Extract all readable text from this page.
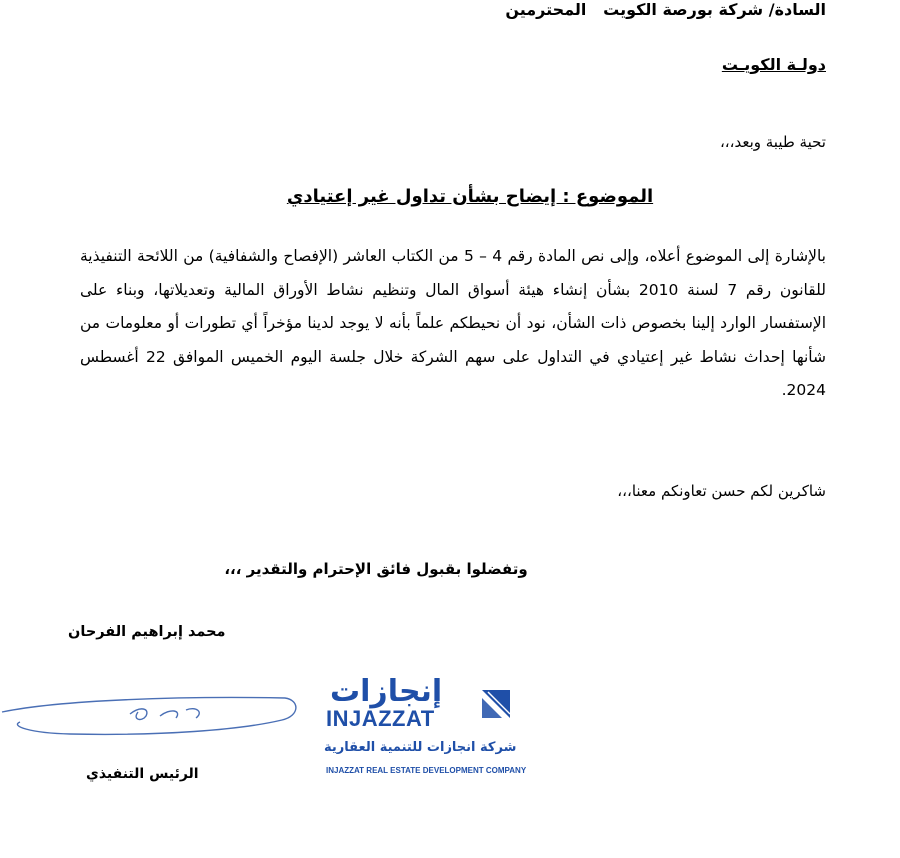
السادة/ شركة بورصة الكويت   المحترمين
دولـة الكويـت
تحية طيبة وبعد،،،
الموضوع : إيضاح بشأن تداول غير إعتيادي
بالإشارة إلى الموضوع أعلاه، وإلى نص المادة رقم 4 – 5 من الكتاب العاشر (الإفصاح والشفافية) من اللائحة التنفيذية للقانون رقم 7 لسنة 2010 بشأن إنشاء هيئة أسواق المال وتنظيم نشاط الأوراق المالية وتعديلاتها، وبناء على الإستفسار الوارد إلينا بخصوص ذات الشأن، نود أن نحيطكم علماً بأنه لا يوجد لدينا مؤخراً أي تطورات أو معلومات من شأنها إحداث نشاط غير إعتيادي في التداول على سهم الشركة خلال جلسة اليوم الخميس الموافق 22 أغسطس 2024.
شاكرين لكم حسن تعاونكم معنا،،،
وتفضلوا بقبول فائق الإحترام والتقدير ،،،
محمد إبراهيم الفرحان
الرئيس التنفيذي
إنجازات
INJAZZAT
شركة انجازات للتنمية العقارية
INJAZZAT REAL ESTATE DEVELOPMENT COMPANY
